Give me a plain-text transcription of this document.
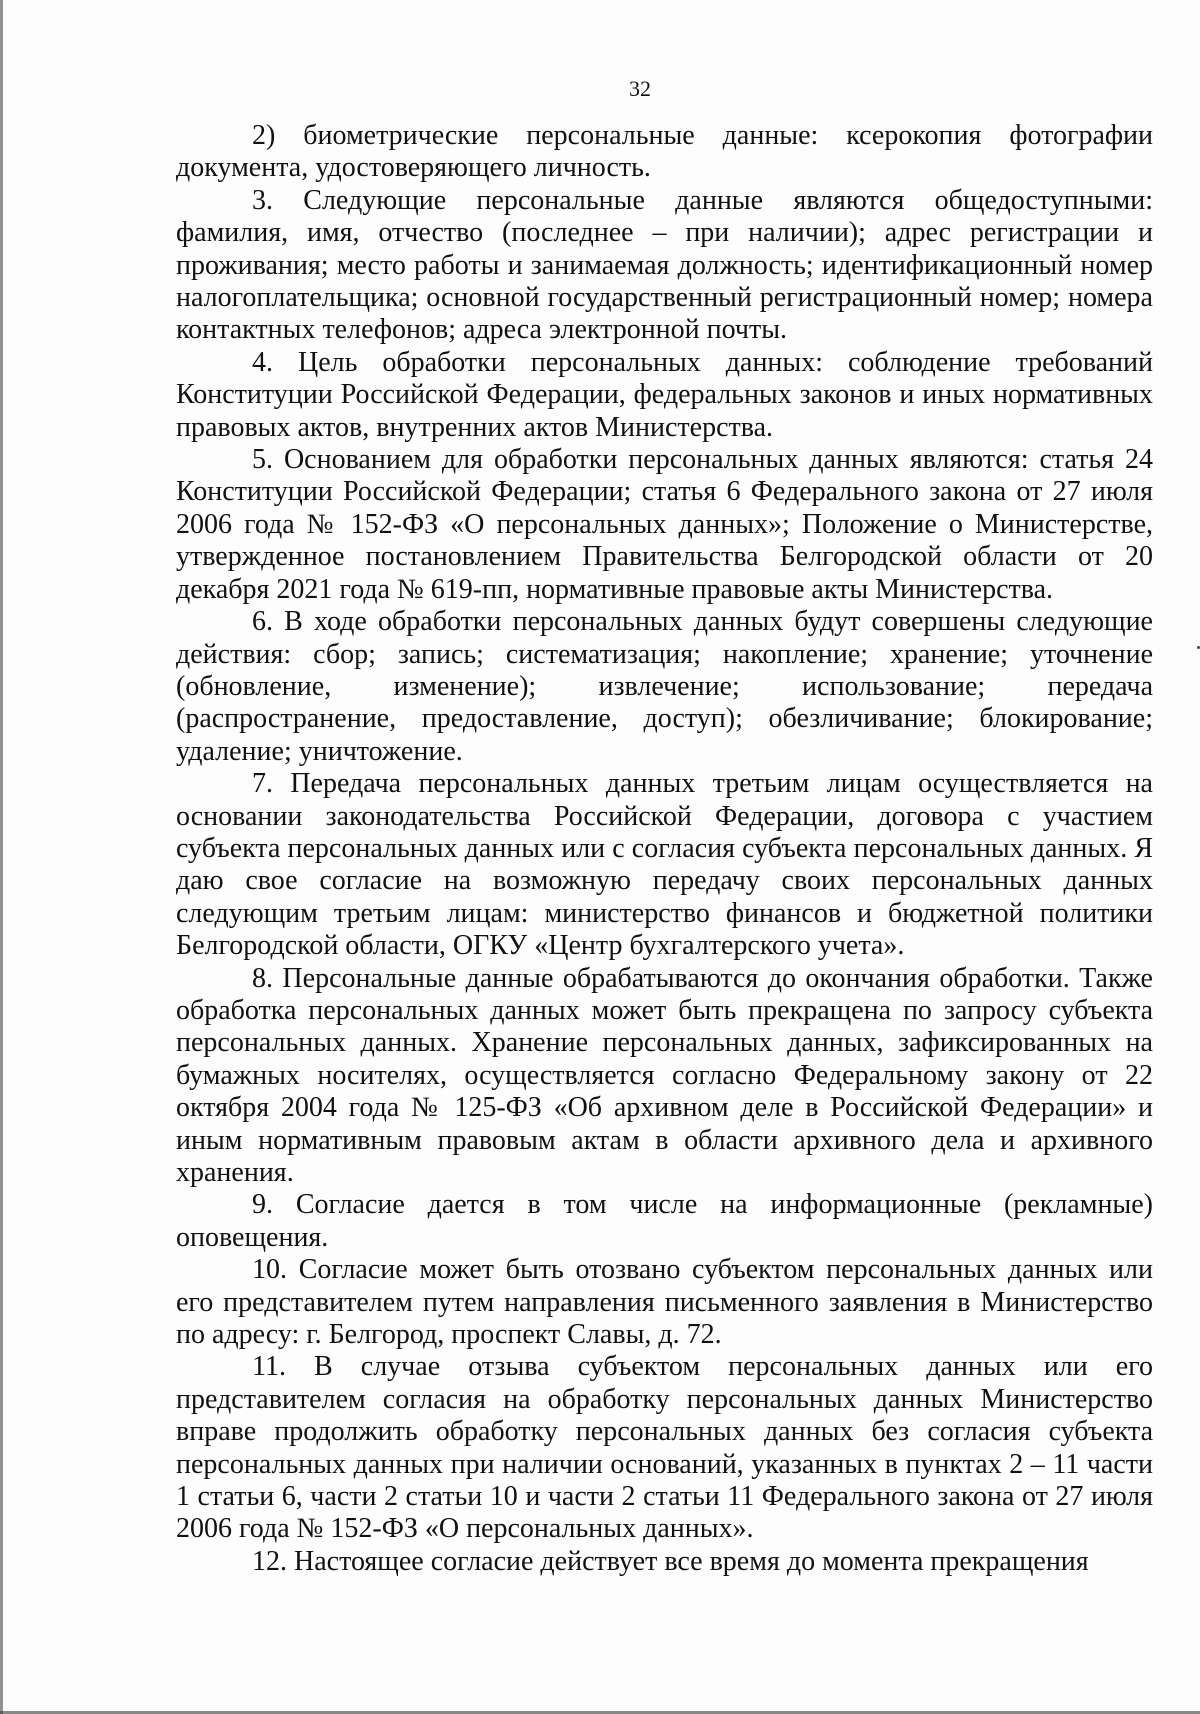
32

2) биометрические персональные данные: ксерокопия фотографии документа, удостоверяющего личность.

3. Следующие персональные данные являются общедоступными: фамилия, имя, отчество (последнее – при наличии); адрес регистрации и проживания; место работы и занимаемая должность; идентификационный номер налогоплательщика; основной государственный регистрационный номер; номера контактных телефонов; адреса электронной почты.

4. Цель обработки персональных данных: соблюдение требований Конституции Российской Федерации, федеральных законов и иных нормативных правовых актов, внутренних актов Министерства.

5. Основанием для обработки персональных данных являются: статья 24 Конституции Российской Федерации; статья 6 Федерального закона от 27 июля 2006 года № 152-ФЗ «О персональных данных»; Положение о Министерстве, утвержденное постановлением Правительства Белгородской области от 20 декабря 2021 года № 619-пп, нормативные правовые акты Министерства.

6. В ходе обработки персональных данных будут совершены следующие действия: сбор; запись; систематизация; накопление; хранение; уточнение (обновление, изменение); извлечение; использование; передача (распространение, предоставление, доступ); обезличивание; блокирование; удаление; уничтожение.

7. Передача персональных данных третьим лицам осуществляется на основании законодательства Российской Федерации, договора с участием субъекта персональных данных или с согласия субъекта персональных данных. Я даю свое согласие на возможную передачу своих персональных данных следующим третьим лицам: министерство финансов и бюджетной политики Белгородской области, ОГКУ «Центр бухгалтерского учета».

8. Персональные данные обрабатываются до окончания обработки. Также обработка персональных данных может быть прекращена по запросу субъекта персональных данных. Хранение персональных данных, зафиксированных на бумажных носителях, осуществляется согласно Федеральному закону от 22 октября 2004 года № 125-ФЗ «Об архивном деле в Российской Федерации» и иным нормативным правовым актам в области архивного дела и архивного хранения.

9. Согласие дается в том числе на информационные (рекламные) оповещения.

10. Согласие может быть отозвано субъектом персональных данных или его представителем путем направления письменного заявления в Министерство по адресу: г. Белгород, проспект Славы, д. 72.

11. В случае отзыва субъектом персональных данных или его представителем согласия на обработку персональных данных Министерство вправе продолжить обработку персональных данных без согласия субъекта персональных данных при наличии оснований, указанных в пунктах 2 – 11 части 1 статьи 6, части 2 статьи 10 и части 2 статьи 11 Федерального закона от 27 июля 2006 года № 152-ФЗ «О персональных данных».

12. Настоящее согласие действует все время до момента прекращения
